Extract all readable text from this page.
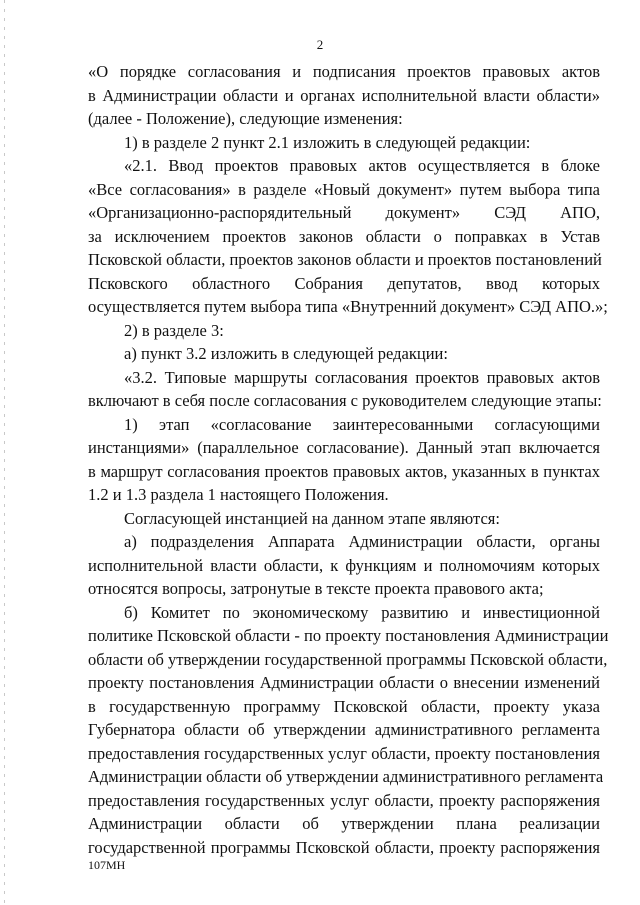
2
«О порядке согласования и подписания проектов правовых актов
в Администрации области и органах исполнительной власти области»
(далее - Положение), следующие изменения:
1) в разделе 2 пункт 2.1 изложить в следующей редакции:
«2.1. Ввод проектов правовых актов осуществляется в блоке
«Все согласования» в разделе «Новый документ» путем выбора типа
«Организационно-распорядительный документ» СЭД АПО,
за исключением проектов законов области о поправках в Устав
Псковской области, проектов законов области и проектов постановлений
Псковского областного Собрания депутатов, ввод которых
осуществляется путем выбора типа «Внутренний документ» СЭД АПО.»;
2) в разделе 3:
а) пункт 3.2 изложить в следующей редакции:
«3.2. Типовые маршруты согласования проектов правовых актов
включают в себя после согласования с руководителем следующие этапы:
1) этап «согласование заинтересованными согласующими
инстанциями» (параллельное согласование). Данный этап включается
в маршрут согласования проектов правовых актов, указанных в пунктах
1.2 и 1.3 раздела 1 настоящего Положения.
Согласующей инстанцией на данном этапе являются:
а) подразделения Аппарата Администрации области, органы
исполнительной власти области, к функциям и полномочиям которых
относятся вопросы, затронутые в тексте проекта правового акта;
б) Комитет по экономическому развитию и инвестиционной
политике Псковской области - по проекту постановления Администрации
области об утверждении государственной программы Псковской области,
проекту постановления Администрации области о внесении изменений
в государственную программу Псковской области, проекту указа
Губернатора области об утверждении административного регламента
предоставления государственных услуг области, проекту постановления
Администрации области об утверждении административного регламента
предоставления государственных услуг области, проекту распоряжения
Администрации области об утверждении плана реализации
государственной программы Псковской области, проекту распоряжения
107МН
